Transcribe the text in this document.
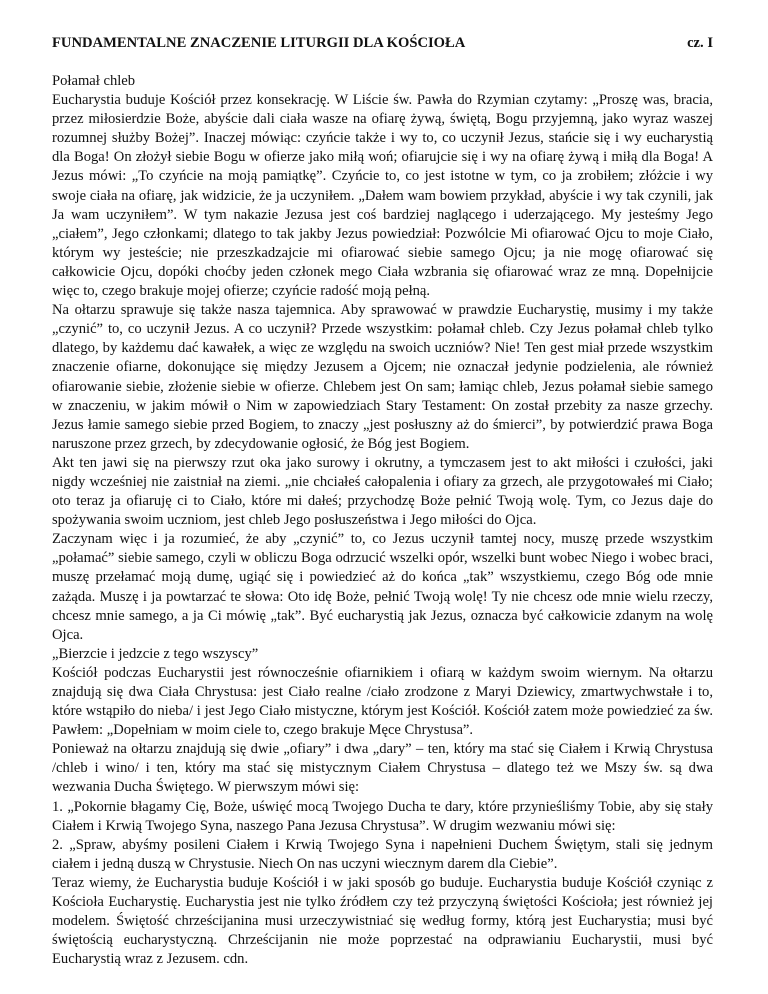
FUNDAMENTALNE ZNACZENIE LITURGII DLA KOŚCIOŁA	cz. I
Połamał chleb

Eucharystia buduje Kościół przez konsekrację. W Liście św. Pawła do Rzymian czytamy: „Proszę was, bracia, przez miłosierdzie Boże, abyście dali ciała wasze na ofiarę żywą, świętą, Bogu przyjemną, jako wyraz waszej rozumnej służby Bożej”. Inaczej mówiąc: czyńcie także i wy to, co uczynił Jezus, stańcie się i wy eucharystią dla Boga! On złożył siebie Bogu w ofierze jako miłą woń; ofiarujcie się i wy na ofiarę żywą i miłą dla Boga! A Jezus mówi: „To czyńcie na moją pamiątkę”. Czyńcie to, co jest istotne w tym, co ja zrobiłem; złóżcie i wy swoje ciała na ofiarę, jak widzicie, że ja uczyniłem. „Dałem wam bowiem przykład, abyście i wy tak czynili, jak Ja wam uczyniłem”. W tym nakazie Jezusa jest coś bardziej naglącego i uderzającego. My jesteśmy Jego „ciałem”, Jego członkami; dlatego to tak jakby Jezus powiedział: Pozwólcie Mi ofiarować Ojcu to moje Ciało, którym wy jesteście; nie przeszkadzajcie mi ofiarować siebie samego Ojcu; ja nie mogę ofiarować się całkowicie Ojcu, dopóki choćby jeden członek mego Ciała wzbrania się ofiarować wraz ze mną. Dopełnijcie więc to, czego brakuje mojej ofierze; czyńcie radość moją pełną.

Na ołtarzu sprawuje się także nasza tajemnica. Aby sprawować w prawdzie Eucharystię, musimy i my także „czynić” to, co uczynił Jezus. A co uczynił? Przede wszystkim: połamał chleb. Czy Jezus połamał chleb tylko dlatego, by każdemu dać kawałek, a więc ze względu na swoich uczniów? Nie! Ten gest miał przede wszystkim znaczenie ofiarne, dokonujące się między Jezusem a Ojcem; nie oznaczał jedynie podzielenia, ale również ofiarowanie siebie, złożenie siebie w ofierze. Chlebem jest On sam; łamiąc chleb, Jezus połamał siebie samego w znaczeniu, w jakim mówił o Nim w zapowiedziach Stary Testament: On został przebity za nasze grzechy. Jezus łamie samego siebie przed Bogiem, to znaczy „jest posłuszny aż do śmierci”, by potwierdzić prawa Boga naruszone przez grzech, by zdecydowanie ogłosić, że Bóg jest Bogiem.

Akt ten jawi się na pierwszy rzut oka jako surowy i okrutny, a tymczasem jest to akt miłości i czułości, jaki nigdy wcześniej nie zaistniał na ziemi. „nie chciałeś całopalenia i ofiary za grzech, ale przygotowałeś mi Ciało; oto teraz ja ofiaruję ci to Ciało, które mi dałeś; przychodzę Boże pełnić Twoją wolę. Tym, co Jezus daje do spożywania swoim uczniom, jest chleb Jego posłuszeństwa i Jego miłości do Ojca.

Zaczynam więc i ja rozumieć, że aby „czynić” to, co Jezus uczynił tamtej nocy, muszę przede wszystkim „połamać” siebie samego, czyli w obliczu Boga odrzucić wszelki opór, wszelki bunt wobec Niego i wobec braci, muszę przełamać moją dumę, ugiąć się i powiedzieć aż do końca „tak” wszystkiemu, czego Bóg ode mnie zażąda. Muszę i ja powtarzać te słowa: Oto idę Boże, pełnić Twoją wolę! Ty nie chcesz ode mnie wielu rzeczy, chcesz mnie samego, a ja Ci mówię „tak”. Być eucharystią jak Jezus, oznacza być całkowicie zdanym na wolę Ojca.

„Bierzcie i jedzcie z tego wszyscy”

Kościół podczas Eucharystii jest równocześnie ofiarnikiem i ofiarą w każdym swoim wiernym. Na ołtarzu znajdują się dwa Ciała Chrystusa: jest Ciało realne /ciało zrodzone z Maryi Dziewicy, zmartwychwstałe i to, które wstąpiło do nieba/ i jest Jego Ciało mistyczne, którym jest Kościół. Kościół zatem może powiedzieć za św. Pawłem: „Dopełniam w moim ciele to, czego brakuje Męce Chrystusa”.

Ponieważ na ołtarzu znajdują się dwie „ofiary” i dwa „dary” – ten, który ma stać się Ciałem i Krwią Chrystusa /chleb i wino/ i ten, który ma stać się mistycznym Ciałem Chrystusa – dlatego też we Mszy św. są dwa wezwania Ducha Świętego. W pierwszym mówi się:

1. „Pokornie błagamy Cię, Boże, uświęć mocą Twojego Ducha te dary, które przynieśliśmy Tobie, aby się stały Ciałem i Krwią Twojego Syna, naszego Pana Jezusa Chrystusa”. W drugim wezwaniu mówi się:

2. „Spraw, abyśmy posileni Ciałem i Krwią Twojego Syna i napełnieni Duchem Świętym, stali się jednym ciałem i jedną duszą w Chrystusie. Niech On nas uczyni wiecznym darem dla Ciebie”.

Teraz wiemy, że Eucharystia buduje Kościół i w jaki sposób go buduje. Eucharystia buduje Kościół czyniąc z Kościoła Eucharystię. Eucharystia jest nie tylko źródłem czy też przyczyną świętości Kościoła; jest również jej modelem. Świętość chrześcijanina musi urzeczywistniać się według formy, którą jest Eucharystia; musi być świętością eucharystyczną. Chrześcijanin nie może poprzestać na odprawianiu Eucharystii, musi być Eucharystią wraz z Jezusem. cdn.
